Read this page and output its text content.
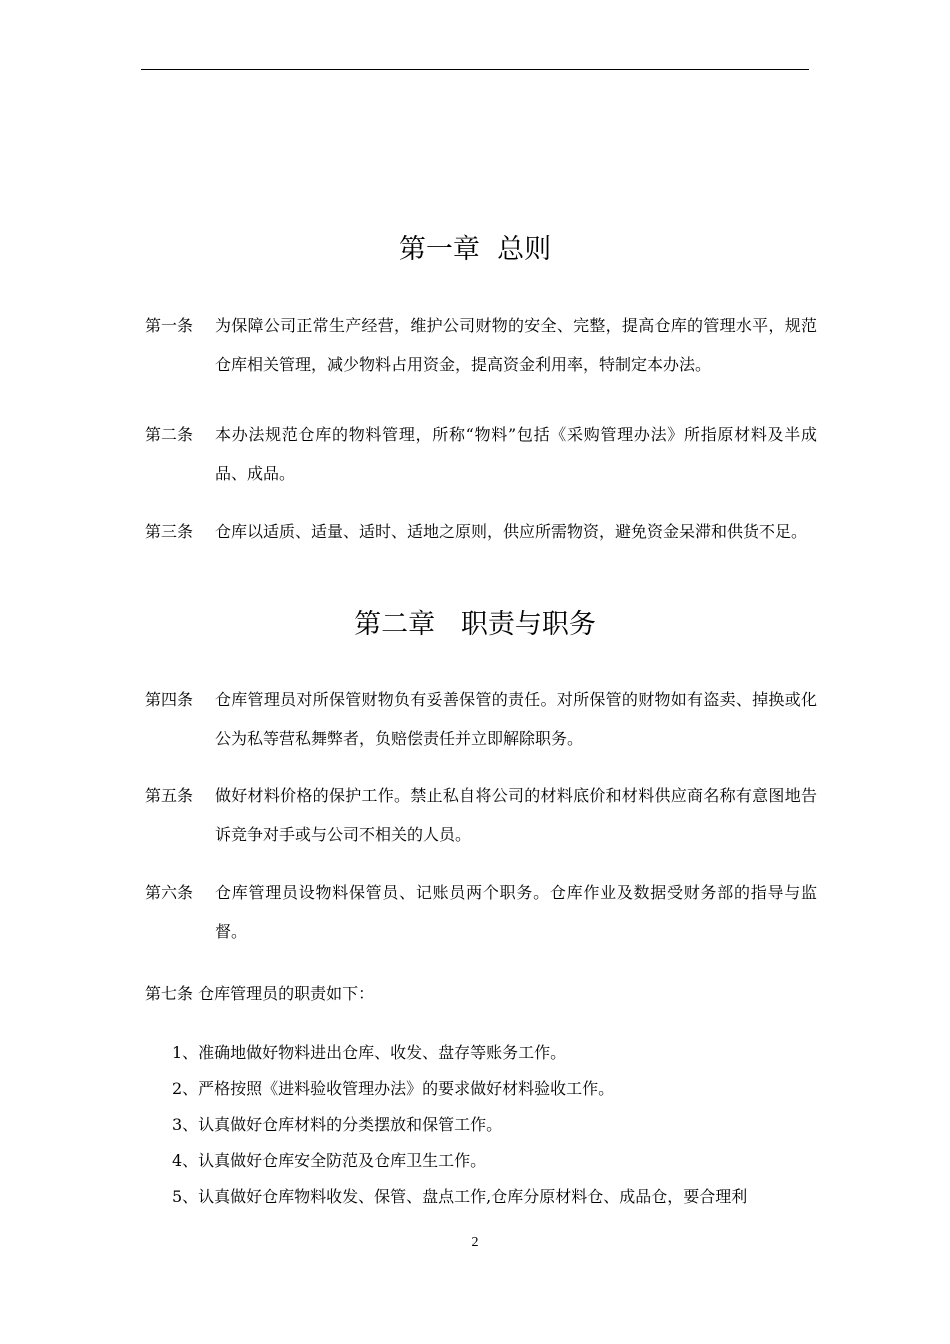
第一章  总则
第一条	为保障公司正常生产经营，维护公司财物的安全、完整，提高仓库的管理水平，规范仓库相关管理，减少物料占用资金，提高资金利用率，特制定本办法。
第二条	本办法规范仓库的物料管理，所称“物料”包括《采购管理办法》所指原材料及半成品、成品。
第三条	仓库以适质、适量、适时、适地之原则，供应所需物资，避免资金呆滞和供货不足。
第二章   职责与职务
第四条	仓库管理员对所保管财物负有妥善保管的责任。对所保管的财物如有盗卖、掉换或化公为私等营私舞弊者，负赔偿责任并立即解除职务。
第五条	做好材料价格的保护工作。禁止私自将公司的材料底价和材料供应商名称有意图地告诉竞争对手或与公司不相关的人员。
第六条	仓库管理员设物料保管员、记账员两个职务。仓库作业及数据受财务部的指导与监督。
第七条 仓库管理员的职责如下：
1、准确地做好物料进出仓库、收发、盘存等账务工作。
2、严格按照《进料验收管理办法》的要求做好材料验收工作。
3、认真做好仓库材料的分类摆放和保管工作。
4、认真做好仓库安全防范及仓库卫生工作。
5、认真做好仓库物料收发、保管、盘点工作,仓库分原材料仓、成品仓，要合理利
2
